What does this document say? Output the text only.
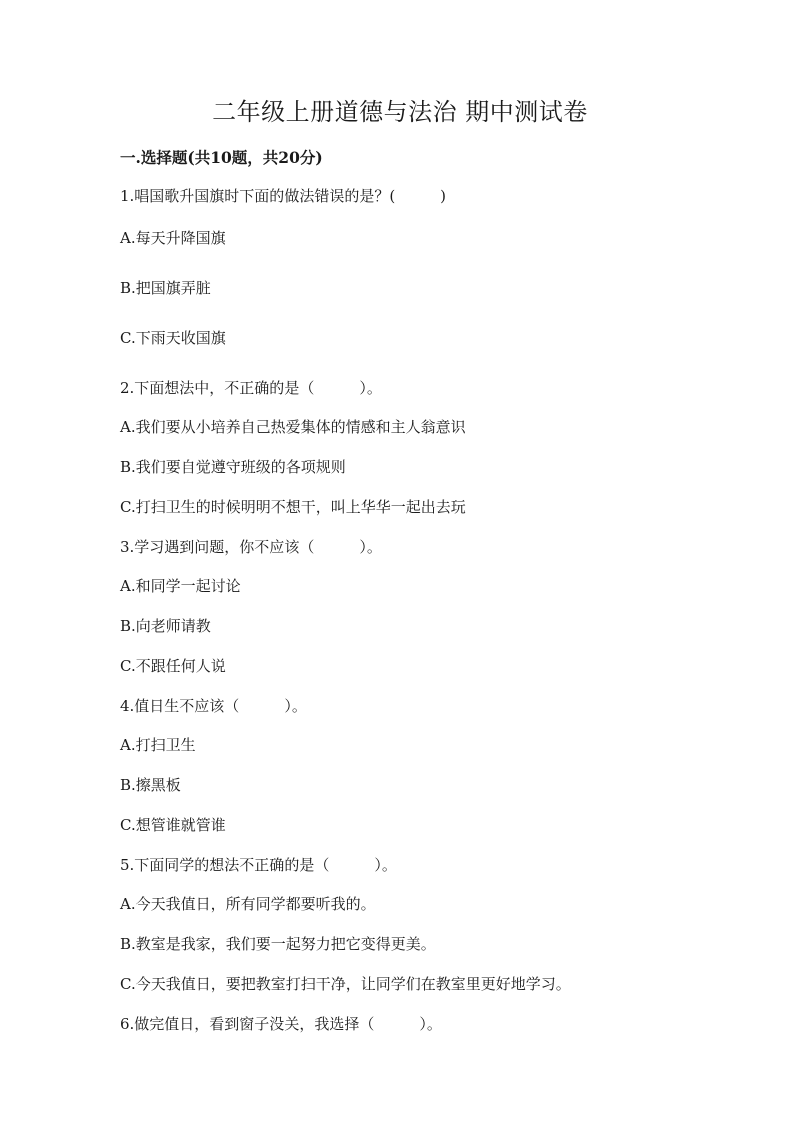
二年级上册道德与法治 期中测试卷
一.选择题(共10题，共20分)
1.唱国歌升国旗时下面的做法错误的是？(　　　)
A.每天升降国旗
B.把国旗弄脏
C.下雨天收国旗
2.下面想法中，不正确的是（　　　）。
A.我们要从小培养自己热爱集体的情感和主人翁意识
B.我们要自觉遵守班级的各项规则
C.打扫卫生的时候明明不想干，叫上华华一起出去玩
3.学习遇到问题，你不应该（　　　）。
A.和同学一起讨论
B.向老师请教
C.不跟任何人说
4.值日生不应该（　　　）。
A.打扫卫生
B.擦黑板
C.想管谁就管谁
5.下面同学的想法不正确的是（　　　）。
A.今天我值日，所有同学都要听我的。
B.教室是我家，我们要一起努力把它变得更美。
C.今天我值日，要把教室打扫干净，让同学们在教室里更好地学习。
6.做完值日，看到窗子没关，我选择（　　　）。
